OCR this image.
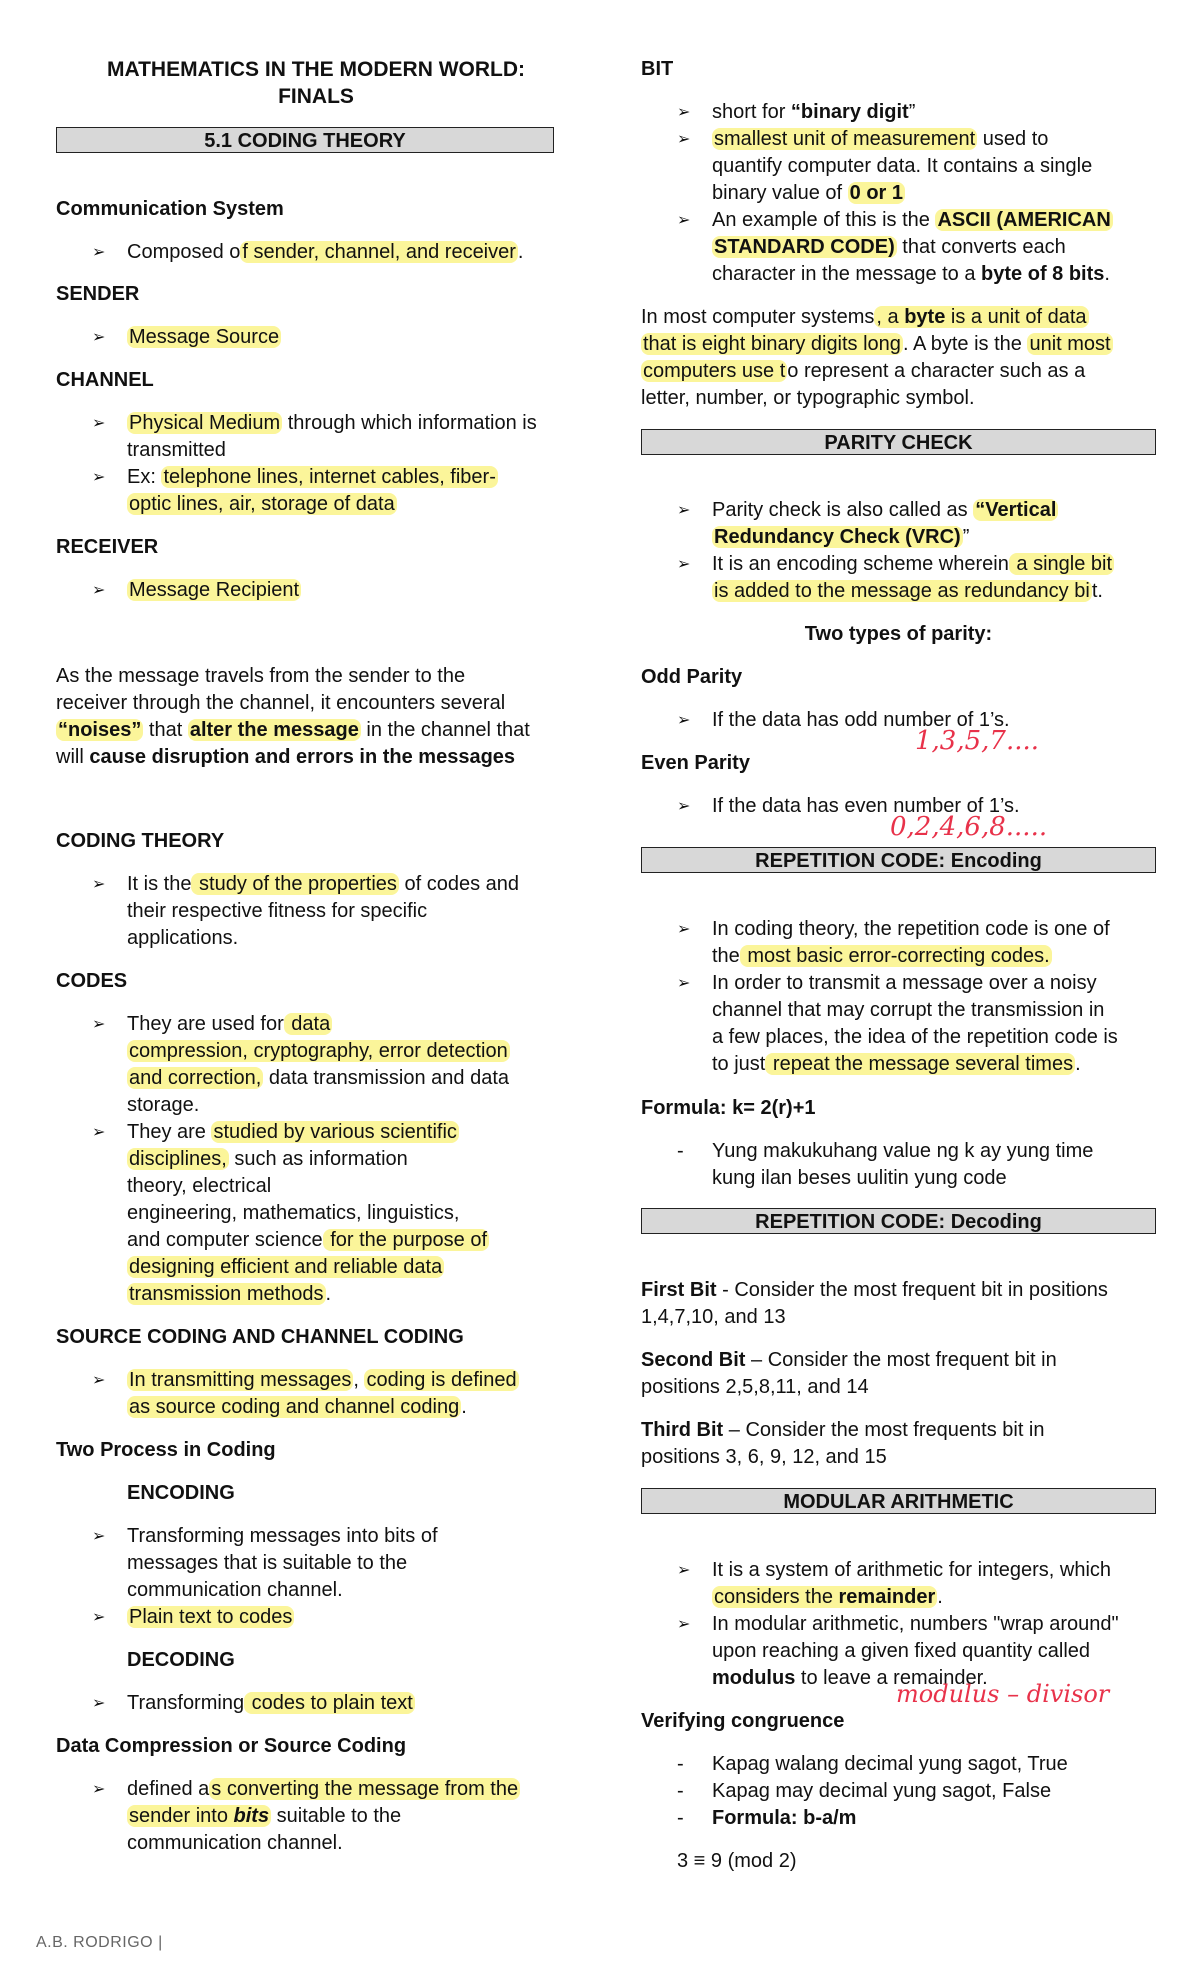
MATHEMATICS IN THE MODERN WORLD:
FINALS
5.1 CODING THEORY
Communication System
➢ Composed o f sender, channel, and receiver .
SENDER
➢ Message Source
CHANNEL
➢ Physical Medium through which information is
transmitted
➢ Ex: telephone lines, internet cables, fiber-
optic lines, air, storage of data
RECEIVER
➢ Message Recipient
As the message travels from the sender to the
receiver through the channel, it encounters several
“noises” that alter the message in the channel that
will cause disruption and errors in the messages
CODING THEORY
➢ It is the study of the properties of codes and
their respective fitness for specific
applications.
CODES
➢ They are used for data
compression, cryptography, error detection
and correction, data transmission and data
storage.
➢ They are studied by various scientific
disciplines, such as information
theory, electrical
engineering, mathematics, linguistics,
and computer science for the purpose of
designing efficient and reliable data
transmission methods .
SOURCE CODING AND CHANNEL CODING
➢ In transmitting messages , coding is defined
as source coding and channel coding .
Two Process in Coding
ENCODING
➢ Transforming messages into bits of
messages that is suitable to the
communication channel.
➢ Plain text to codes
DECODING
➢ Transforming codes to plain text
Data Compression or Source Coding
➢ defined a s converting the message from the
sender into bits suitable to the
communication channel.
BIT
➢ short for “binary digit”
➢ smallest unit of measurement used to
quantify computer data. It contains a single
binary value of 0 or 1
➢ An example of this is the ASCII (AMERICAN
STANDARD CODE) that converts each
character in the message to a byte of 8 bits.
In most computer systems , a byte is a unit of data
that is eight binary digits long . A byte is the unit most
computers use t o represent a character such as a
letter, number, or typographic symbol.
PARITY CHECK
➢ Parity check is also called as “Vertical
Redundancy Check (VRC) ”
➢ It is an encoding scheme wherein a single bit
is added to the message as redundancy bi t.
Two types of parity:
Odd Parity
➢ If the data has odd number of 1’s.
1,3,5,7....
Even Parity
➢ If the data has even number of 1’s.
0,2,4,6,8.....
REPETITION CODE: Encoding
➢ In coding theory, the repetition code is one of
the most basic error-correcting codes.
➢ In order to transmit a message over a noisy
channel that may corrupt the transmission in
a few places, the idea of the repetition code is
to just repeat the message several times .
Formula: k= 2(r)+1
- Yung makukuhang value ng k ay yung time
kung ilan beses uulitin yung code
REPETITION CODE: Decoding
First Bit - Consider the most frequent bit in positions
1,4,7,10, and 13
Second Bit – Consider the most frequent bit in
positions 2,5,8,11, and 14
Third Bit – Consider the most frequents bit in
positions 3, 6, 9, 12, and 15
MODULAR ARITHMETIC
➢ It is a system of arithmetic for integers, which
considers the remainder .
➢ In modular arithmetic, numbers "wrap around"
upon reaching a given fixed quantity called
modulus to leave a remainder.
modulus – divisor
Verifying congruence
- Kapag walang decimal yung sagot, True
- Kapag may decimal yung sagot, False
- Formula: b-a/m
3 ≡ 9 (mod 2)
A.B. RODRIGO |
